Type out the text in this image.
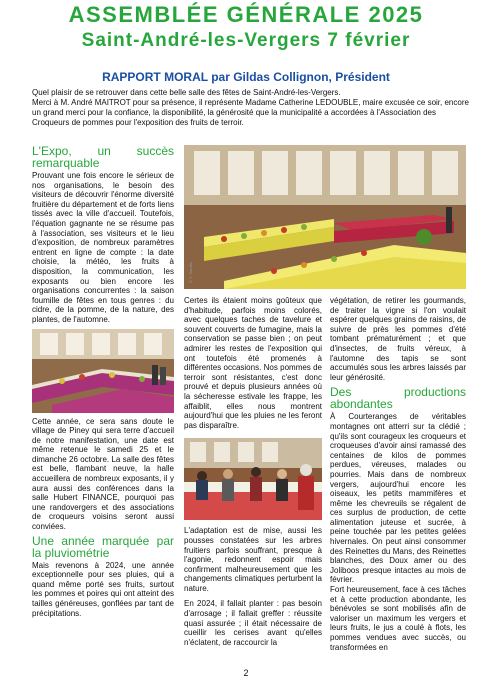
ASSEMBLÉE GÉNÉRALE 2025
Saint-André-les-Vergers 7 février
RAPPORT MORAL par Gildas Collignon, Président

Quel plaisir de se retrouver dans cette belle salle des fêtes de Saint-André-les-Vergers.

Merci à M. André MAITROT pour sa présence, il représente Madame Catherine LEDOUBLE, maire excusée ce soir, encore un grand merci pour la confiance, la disponibilité, la générosité que la municipalité a accordées à l'Association des Croqueurs de pommes pour l'exposition des fruits de terroir.

L'Expo, un succès remarquable

Prouvant une fois encore le sérieux de nos organisations, le besoin des visiteurs de découvrir l'énorme diversité fruitière du département et de forts liens tissés avec la ville d'accueil. Toutefois, l'équation gagnante ne se résume pas à l'association, ses visiteurs et le lieu d'exposition, de nombreux paramètres entrent en ligne de compte : la date choisie, la météo, les fruits à disposition, la communication, les exposants ou bien encore les organisations concurrentes : la saison foumille de fêtes en tous genres : du cidre, de la pomme, de la nature, des plantes, de l'automne.

Cette année, ce sera sans doute le village de Piney qui sera terre d'accueil de notre manifestation, une date est même retenue le samedi 25 et le dimanche 26 octobre. La salle des fêtes est belle, flambant neuve, la halle accueillera de nombreux exposants, il y aura aussi des conférences dans la salle Hubert FINANCE, pourquoi pas une randovergers et des associations de croqueurs voisins seront aussi conviées.

Une année marquée par la pluviométrie

Mais revenons à 2024, une année exceptionnelle pour ses pluies, qui a quand même porté ses fruits, surtout les pommes et poires qui ont atteint des tailles généreuses, gonflées par tant de précipitations.

© Y. Sarafin

Certes ils étaient moins goûteux que d'habitude, parfois moins colorés, avec quelques taches de tavelure et souvent couverts de fumagine, mais la conservation se passe bien ; on peut admirer les restes de l'exposition qui ont toutefois été promenés à différentes occasions. Nos pommes de terroir sont résistantes, c'est donc prouvé et depuis plusieurs années où la sécheresse estivale les frappe, les affaiblit, elles nous montrent aujourd'hui que les pluies ne les feront pas disparaître.

L'adaptation est de mise, aussi les pousses constatées sur les arbres fruitiers parfois souffrant, presque à l'agonie, redonnent espoir mais confirment malheureusement que les changements climatiques perturbent la nature.

En 2024, il fallait planter : pas besoin d'arrosage ; il fallait greffer : réussite quasi assurée ; il était nécessaire de cueillir les cerises avant qu'elles n'éclatent, de raccourcir la

végétation, de retirer les gourmands, de traiter la vigne si l'on voulait espérer quelques grains de raisins, de suivre de près les pommes d'été tombant prématurément ; et que d'insectes, de fruits véreux, à l'automne des tapis se sont accumulés sous les arbres laissés par leur générosité.

Des productions abondantes

À Courteranges de véritables montagnes ont atterri sur ta clédié ; qu'ils sont courageux les croqueurs et croqueuses d'avoir ainsi ramassé des centaines de kilos de pommes perdues, véreuses, malades ou pourries. Mais dans de nombreux vergers, aujourd'hui encore les oiseaux, les petits mammifères et même les chevreuils se régalent de ces surplus de production, de cette alimentation juteuse et sucrée, à peine touchée par les petites gelées hivernales. On peut ainsi consommer des Reinettes du Mans, des Reinettes blanches, des Doux amer ou des Joliboos presque intactes au mois de février.

Fort heureusement, face à ces tâches et à cette production abondante, les bénévoles se sont mobilisés afin de valoriser un maximum les vergers et leurs fruits, le jus a coulé à flots, les pommes vendues avec succès, ou transformées en

2
